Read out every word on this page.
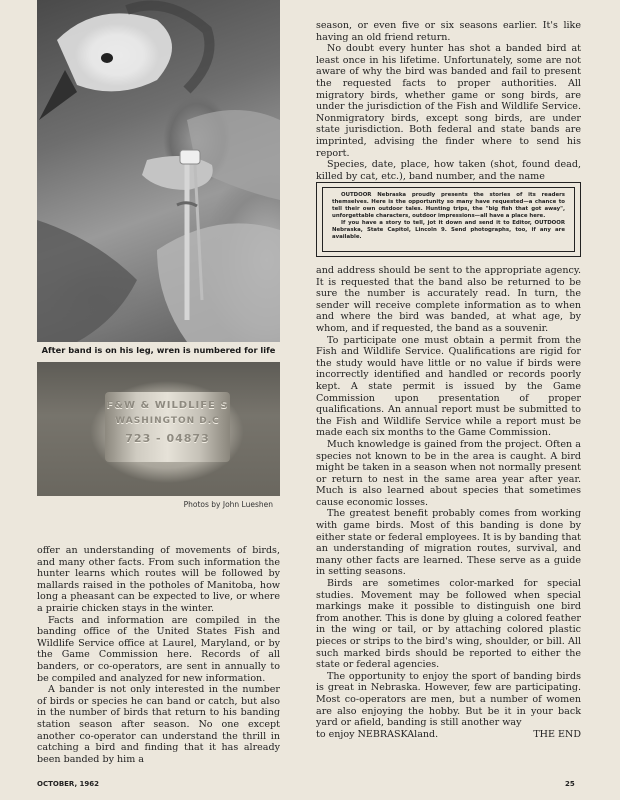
After band is on his leg, wren is numbered for life
F&W & WILDLIFE S
WASHINGTON D.C
723 - 04873
Photos by John Lueshen

offer an understanding of movements of birds, and many other facts. From such information the hunter learns which routes will be followed by mallards raised in the potholes of Manitoba, how long a pheasant can be expected to live, or where a prairie chicken stays in the winter.

Facts and information are compiled in the banding office of the United States Fish and Wildlife Service office at Laurel, Maryland, or by the Game Commission here. Records of all banders, or co-operators, are sent in annually to be compiled and analyzed for new information.

A bander is not only interested in the number of birds or species he can band or catch, but also in the number of birds that return to his banding station season after season. No one except another co-operator can understand the thrill in catching a bird and finding that it has already been banded by him a

season, or even five or six seasons earlier. It's like having an old friend return.

No doubt every hunter has shot a banded bird at least once in his lifetime. Unfortunately, some are not aware of why the bird was banded and fail to present the requested facts to proper authorities. All migratory birds, whether game or song birds, are under the jurisdiction of the Fish and Wildlife Service. Nonmigratory birds, except song birds, are under state jurisdiction. Both federal and state bands are imprinted, advising the finder where to send his report.

Species, date, place, how taken (shot, found dead, killed by cat, etc.), band number, and the name

OUTDOOR Nebraska proudly presents the stories of its readers themselves. Here is the opportunity so many have requested—a chance to tell their own outdoor tales. Hunting trips, the "big fish that got away", unforgettable characters, outdoor impressions—all have a place here.

If you have a story to tell, jot it down and send it to Editor, OUTDOOR Nebraska, State Capitol, Lincoln 9. Send photographs, too, if any are available.

and address should be sent to the appropriate agency. It is requested that the band also be returned to be sure the number is accurately read. In turn, the sender will receive complete information as to when and where the bird was banded, at what age, by whom, and if requested, the band as a souvenir.

To participate one must obtain a permit from the Fish and Wildlife Service. Qualifications are rigid for the study would have little or no value if birds were incorrectly identified and handled or records poorly kept. A state permit is issued by the Game Commission upon presentation of proper qualifications. An annual report must be submitted to the Fish and Wildlife Service while a report must be made each six months to the Game Commission.

Much knowledge is gained from the project. Often a species not known to be in the area is caught. A bird might be taken in a season when not normally present or return to nest in the same area year after year. Much is also learned about species that sometimes cause economic losses.

The greatest benefit probably comes from working with game birds. Most of this banding is done by either state or federal employees. It is by banding that an understanding of migration routes, survival, and many other facts are learned. These serve as a guide in setting seasons.

Birds are sometimes color-marked for special studies. Movement may be followed when special markings make it possible to distinguish one bird from another. This is done by gluing a colored feather in the wing or tail, or by attaching colored plastic pieces or strips to the bird's wing, shoulder, or bill. All such marked birds should be reported to either the state or federal agencies.

The opportunity to enjoy the sport of banding birds is great in Nebraska. However, few are participating. Most co-operators are men, but a number of women are also enjoying the hobby. But be it in your back yard or afield, banding is still another way

to enjoy NEBRASKAland.	THE END
OCTOBER, 1962	25
